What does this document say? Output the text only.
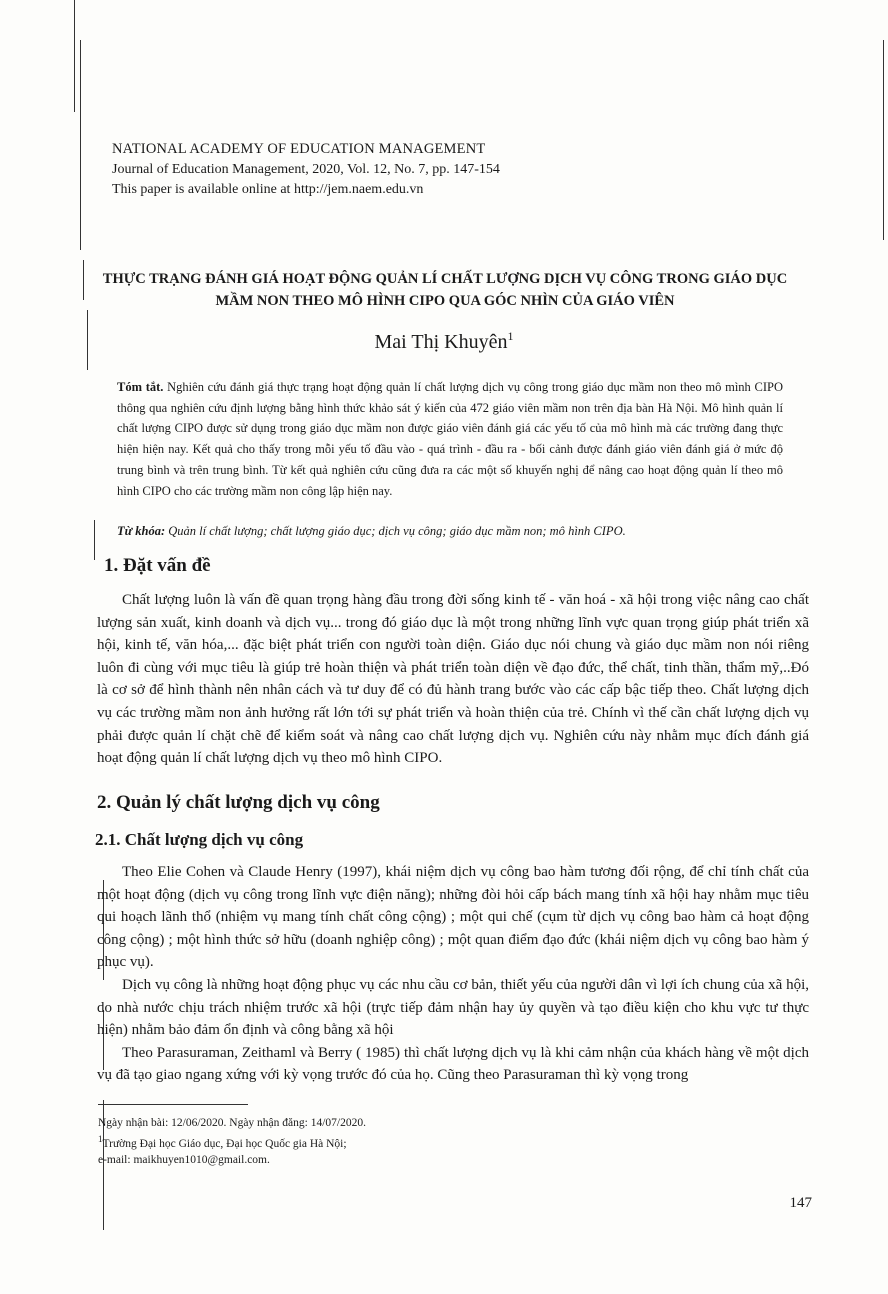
NATIONAL ACADEMY OF EDUCATION MANAGEMENT
Journal of Education Management, 2020, Vol. 12, No. 7, pp. 147-154
This paper is available online at http://jem.naem.edu.vn
THỰC TRẠNG ĐÁNH GIÁ HOẠT ĐỘNG QUẢN LÍ CHẤT LƯỢNG DỊCH VỤ CÔNG TRONG GIÁO DỤC
MẦM NON THEO MÔ HÌNH CIPO QUA GÓC NHÌN CỦA GIÁO VIÊN
Mai Thị Khuyên$^1$
Tóm tắt. Nghiên cứu đánh giá thực trạng hoạt động quản lí chất lượng dịch vụ công trong giáo dục mầm non theo mô mình CIPO thông qua nghiên cứu định lượng bằng hình thức khảo sát ý kiến của 472 giáo viên mầm non trên địa bàn Hà Nội. Mô hình quản lí chất lượng CIPO được sử dụng trong giáo dục mầm non được giáo viên đánh giá các yếu tố của mô hình mà các trường đang thực hiện hiện nay. Kết quả cho thấy trong mỗi yếu tố đầu vào - quá trình - đầu ra - bối cảnh được đánh giáo viên đánh giá ở mức độ trung bình và trên trung bình. Từ kết quả nghiên cứu cũng đưa ra các một số khuyến nghị để nâng cao hoạt động quản lí theo mô hình CIPO cho các trường mầm non công lập hiện nay.
Từ khóa: Quản lí chất lượng; chất lượng giáo dục; dịch vụ công; giáo dục mầm non; mô hình CIPO.
1. Đặt vấn đề

Chất lượng luôn là vấn đề quan trọng hàng đầu trong đời sống kinh tế - văn hoá - xã hội trong việc nâng cao chất lượng sản xuất, kinh doanh và dịch vụ... trong đó giáo dục là một trong những lĩnh vực quan trọng giúp phát triển xã hội, kinh tế, văn hóa,... đặc biệt phát triển con người toàn diện. Giáo dục nói chung và giáo dục mầm non nói riêng luôn đi cùng với mục tiêu là giúp trẻ hoàn thiện và phát triển toàn diện về đạo đức, thể chất, tinh thần, thẩm mỹ,..Đó là cơ sở để hình thành nên nhân cách và tư duy để có đủ hành trang bước vào các cấp bậc tiếp theo. Chất lượng dịch vụ các trường mầm non ảnh hưởng rất lớn tới sự phát triển và hoàn thiện của trẻ. Chính vì thế cần chất lượng dịch vụ phải được quản lí chặt chẽ để kiểm soát và nâng cao chất lượng dịch vụ. Nghiên cứu này nhằm mục đích đánh giá hoạt động quản lí chất lượng dịch vụ theo mô hình CIPO.

2. Quản lý chất lượng dịch vụ công
2.1. Chất lượng dịch vụ công

Theo Elie Cohen và Claude Henry (1997), khái niệm dịch vụ công bao hàm tương đối rộng, để chỉ tính chất của một hoạt động (dịch vụ công trong lĩnh vực điện năng); những đòi hỏi cấp bách mang tính xã hội hay nhằm mục tiêu qui hoạch lãnh thổ (nhiệm vụ mang tính chất công cộng) ; một qui chế (cụm từ dịch vụ công bao hàm cả hoạt động công cộng) ; một hình thức sở hữu (doanh nghiệp công) ; một quan điểm đạo đức (khái niệm dịch vụ công bao hàm ý phục vụ).

Dịch vụ công là những hoạt động phục vụ các nhu cầu cơ bản, thiết yếu của người dân vì lợi ích chung của xã hội, do nhà nước chịu trách nhiệm trước xã hội (trực tiếp đảm nhận hay ủy quyền và tạo điều kiện cho khu vực tư thực hiện) nhằm bảo đảm ổn định và công bằng xã hội

Theo Parasuraman, Zeithaml và Berry ( 1985) thì chất lượng dịch vụ là khi cảm nhận của khách hàng về một dịch vụ đã tạo giao ngang xứng với kỳ vọng trước đó của họ. Cũng theo Parasuraman thì kỳ vọng trong

Ngày nhận bài: 12/06/2020. Ngày nhận đăng: 14/07/2020.
$^1$Trường Đại học Giáo dục, Đại học Quốc gia Hà Nội;
e-mail: maikhuyen1010@gmail.com.
147
